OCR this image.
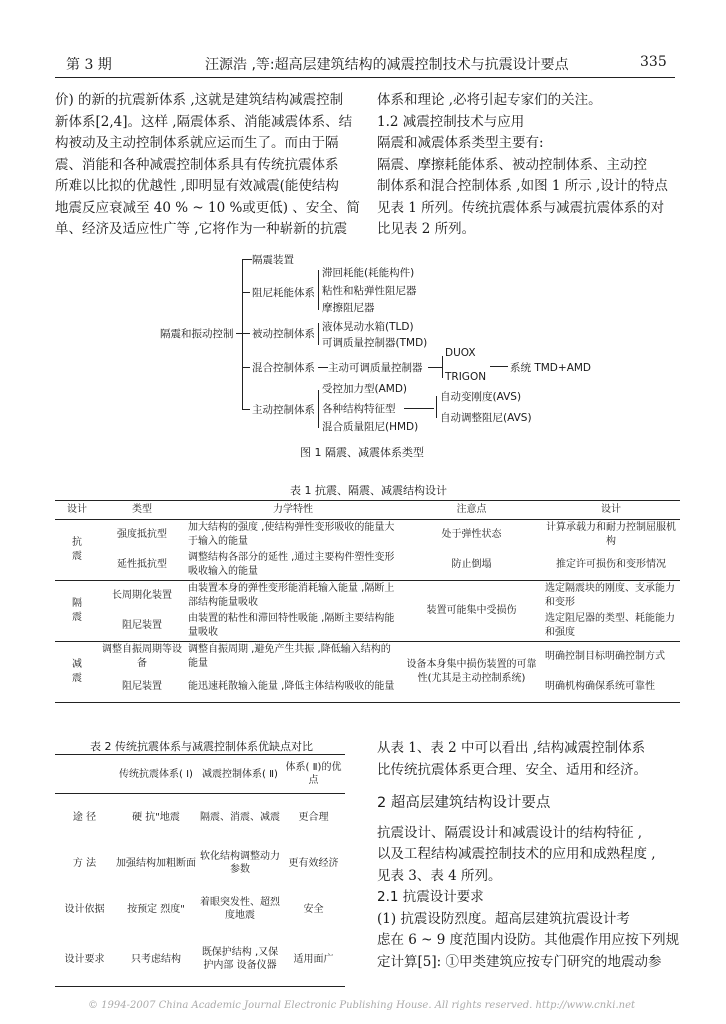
第 3 期	汪源浩 ,等:超高层建筑结构的减震控制技术与抗震设计要点	335
价) 的新的抗震新体系 ,这就是建筑结构减震控制
新体系[2,4]。这样 ,隔震体系、消能减震体系、结
构被动及主动控制体系就应运而生了。而由于隔
震、消能和各种减震控制体系具有传统抗震体系
所难以比拟的优越性 ,即明显有效减震(能使结构
地震反应衰减至 40 % ~ 10 %或更低) 、安全、简
单、经济及适应性广等 ,它将作为一种崭新的抗震
体系和理论 ,必将引起专家们的关注。
1.2 减震控制技术与应用
隔震和减震体系类型主要有:
隔震、摩擦耗能体系、被动控制体系、主动控
制体系和混合控制体系 ,如图 1 所示 ,设计的特点
见表 1 所列。传统抗震体系与减震抗震体系的对
比见表 2 所列。
隔震和振动控制
隔震装置
阻尼耗能体系
滞回耗能(耗能构件)
粘性和粘弹性阻尼器
摩擦阻尼器
被动控制体系
液体晃动水箱(TLD)
可调质量控制器(TMD)
混合控制体系 主动可调质量控制器
DUOX
TRIGON
系统 TMD+AMD
主动控制体系
受控加力型(AMD)
各种结构特征型
混合质量阻尼(HMD)
自动变刚度(AVS)
自动调整阻尼(AVS)
图 1 隔震、减震体系类型
表 1 抗震、隔震、减震结构设计
设计	类型	力学特性	注意点	设计
抗
震	强度抵抗型	加大结构的强度 ,使结构弹性变形吸收的能量大于输入的能量	处于弹性状态	计算承载力和耐力控制屈服机构
	延性抵抗型	调整结构各部分的延性 ,通过主要构件塑性变形吸收输入的能量	防止倒塌	推定许可损伤和变形情况
隔
震	长周期化装置	由装置本身的弹性变形能消耗输入能量 ,隔断上部结构能量吸收	装置可能集中受损伤	选定隔震块的刚度、支承能力和变形
	阻尼装置	由装置的粘性和滞回特性吸能 ,隔断主要结构能量吸收		选定阻尼器的类型、耗能能力和强度
减
震	调整自振周期等设备	调整自振周期 ,避免产生共振 ,降低输入结构的能量	设备本身集中损伤装置的可靠性(尤其是主动控制系统)	明确控制目标明确控制方式
	阻尼装置	能迅速耗散输入能量 ,降低主体结构吸收的能量		明确机构确保系统可靠性
表 2 传统抗震体系与减震控制体系优缺点对比
	传统抗震体系( Ⅰ)	减震控制体系( Ⅱ)	体系( Ⅱ)的优点
途 径	硬 抗"地震	隔震、消震、减震	更合理
方 法	加强结构加粗断面	软化结构调整动力参数	更有效经济
设计依据	按预定 烈度"	着眼突发性、超烈度地震	安全
设计要求	只考虑结构	既保护结构 ,又保护内部 设备仪器	适用面广
从表 1、表 2 中可以看出 ,结构减震控制体系
比传统抗震体系更合理、安全、适用和经济。
2 超高层建筑结构设计要点
抗震设计、隔震设计和减震设计的结构特征 ,
以及工程结构减震控制技术的应用和成熟程度 ,
见表 3、表 4 所列。
2.1 抗震设计要求
(1) 抗震设防烈度。超高层建筑抗震设计考
虑在 6 ~ 9 度范围内设防。其他震作用应按下列规
定计算[5]: ①甲类建筑应按专门研究的地震动参
© 1994-2007 China Academic Journal Electronic Publishing House. All rights reserved. http://www.cnki.net
